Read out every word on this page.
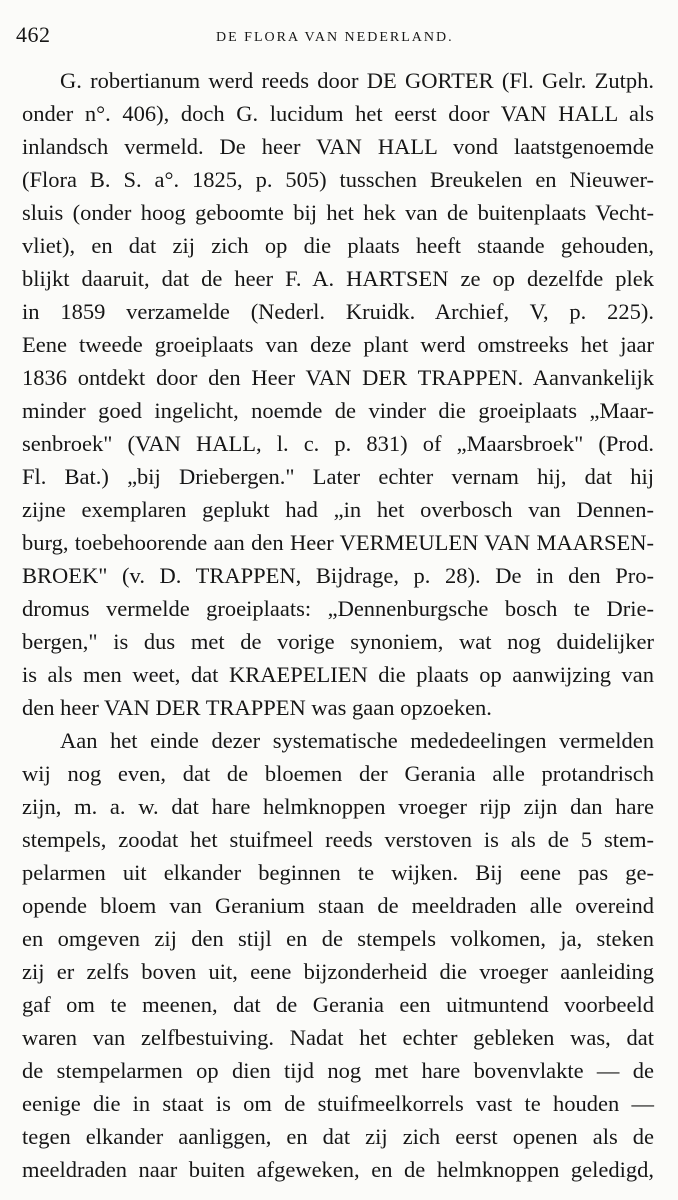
462	DE FLORA VAN NEDERLAND.
G. robertianum werd reeds door DE GORTER (Fl. Gelr. Zutph.
onder n°. 406), doch G. lucidum het eerst door VAN HALL als
inlandsch vermeld. De heer VAN HALL vond laatstgenoemde
(Flora B. S. a°. 1825, p. 505) tusschen Breukelen en Nieuwer-
sluis (onder hoog geboomte bij het hek van de buitenplaats Vecht-
vliet), en dat zij zich op die plaats heeft staande gehouden,
blijkt daaruit, dat de heer F. A. HARTSEN ze op dezelfde plek
in 1859 verzamelde (Nederl. Kruidk. Archief, V, p. 225).
Eene tweede groeiplaats van deze plant werd omstreeks het jaar
1836 ontdekt door den Heer VAN DER TRAPPEN. Aanvankelijk
minder goed ingelicht, noemde de vinder die groeiplaats „Maar-
senbroek" (VAN HALL, l. c. p. 831) of „Maarsbroek" (Prod.
Fl. Bat.) „bij Driebergen." Later echter vernam hij, dat hij
zijne exemplaren geplukt had „in het overbosch van Dennen-
burg, toebehoorende aan den Heer VERMEULEN VAN MAARSEN-
BROEK" (v. D. TRAPPEN, Bijdrage, p. 28). De in den Pro-
dromus vermelde groeiplaats: „Dennenburgsche bosch te Drie-
bergen," is dus met de vorige synoniem, wat nog duidelijker
is als men weet, dat KRAEPELIEN die plaats op aanwijzing van
den heer VAN DER TRAPPEN was gaan opzoeken.
Aan het einde dezer systematische mededeelingen vermelden
wij nog even, dat de bloemen der Gerania alle protandrisch
zijn, m. a. w. dat hare helmknoppen vroeger rijp zijn dan hare
stempels, zoodat het stuifmeel reeds verstoven is als de 5 stem-
pelarmen uit elkander beginnen te wijken. Bij eene pas ge-
opende bloem van Geranium staan de meeldraden alle overeind
en omgeven zij den stijl en de stempels volkomen, ja, steken
zij er zelfs boven uit, eene bijzonderheid die vroeger aanleiding
gaf om te meenen, dat de Gerania een uitmuntend voorbeeld
waren van zelfbestuiving. Nadat het echter gebleken was, dat
de stempelarmen op dien tijd nog met hare bovenvlakte — de
eenige die in staat is om de stuifmeelkorrels vast te houden —
tegen elkander aanliggen, en dat zij zich eerst openen als de
meeldraden naar buiten afgeweken, en de helmknoppen geledigd,
